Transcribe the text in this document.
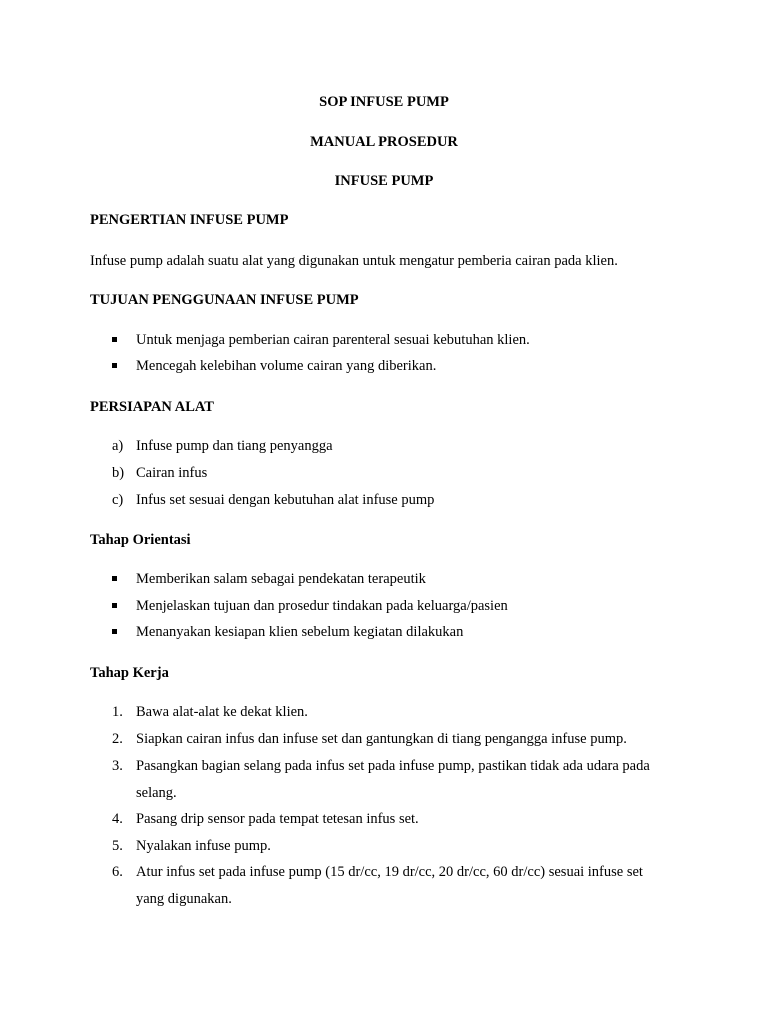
SOP INFUSE PUMP
MANUAL PROSEDUR
INFUSE PUMP
PENGERTIAN INFUSE PUMP
Infuse pump adalah suatu alat yang digunakan untuk mengatur pemberia cairan pada klien.
TUJUAN PENGGUNAAN INFUSE PUMP
Untuk menjaga pemberian cairan parenteral sesuai kebutuhan klien.
Mencegah kelebihan volume cairan yang diberikan.
PERSIAPAN ALAT
a) Infuse pump dan tiang penyangga
b) Cairan infus
c) Infus set sesuai dengan kebutuhan alat infuse pump
Tahap Orientasi
Memberikan salam sebagai pendekatan terapeutik
Menjelaskan tujuan dan prosedur tindakan pada keluarga/pasien
Menanyakan kesiapan klien sebelum kegiatan dilakukan
Tahap Kerja
1. Bawa alat-alat ke dekat klien.
2. Siapkan cairan infus dan infuse set dan gantungkan di tiang pengangga infuse pump.
3. Pasangkan bagian selang pada infus set pada infuse pump, pastikan tidak ada udara pada
selang.
4. Pasang drip sensor pada tempat tetesan infus set.
5. Nyalakan infuse pump.
6. Atur infus set pada infuse pump (15 dr/cc, 19 dr/cc, 20 dr/cc, 60 dr/cc) sesuai infuse set
yang digunakan.
